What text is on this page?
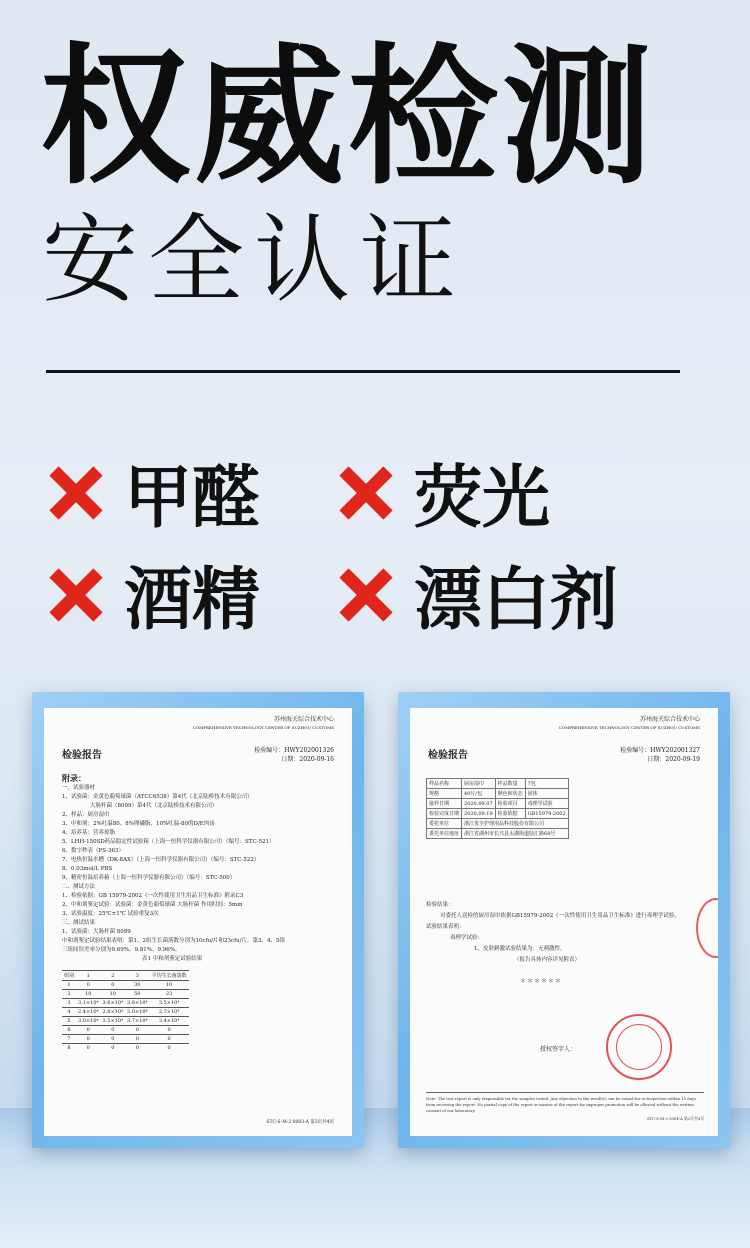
权威检测
安全认证
甲醛 荧光
酒精 漂白剂
苏州海关综合技术中心
COMPREHENSIVE TECHNOLOGY CENTER OF SUZHOU CUSTOMS
检验报告	检验编号：HWY202001326
日期：2020-09-16
附录：
一、试验器材
1、试验菌：金黄色葡萄球菌（ATCC6538）第4代（北京陆桥技术有限公司）
大肠杆菌（8099）第4代（北京陆桥技术有限公司）
2、样品：厨房湿巾
3、中和剂：2%吐温80、8%卵磷脂、10%吐温-80的D/E肉汤
4、培养基：营养琼脂
5、LHH-150SD药品稳定性试验箱（上海一恒科学仪器有限公司）（编号：STC-521）
6、数字秒表（PS-363）
7、电热恒温水槽（DK-8AX）（上海一恒科学仪器有限公司）（编号：STC-522）
8、0.03mol/L PBS
9、精密恒温培养箱（上海一恒科学仪器有限公司）（编号：STC-500）
二、测试方法
1、检验依据：GB 15979-2002《一次性使用卫生用品卫生标准》附录C3
2、中和剂鉴定试验：试验菌：金黄色葡萄球菌 大肠杆菌 作用时间：5min
3、试验温度：25℃±1℃ 试验重复3次
三、测试结果
1、试验菌：大肠杆菌 8099
中和剂鉴定试验结果表明：第1、2组生长菌落数分别为10cfu/片和23cfu/片，第3、4、5组
三组间误差率分别为9.69%、9.81%、9.96%。
表1 中和剂鉴定试验结果
组别	1	2	3	平均生长菌落数
1	0	0	30	10
2	10	10	50	23
3	3.1×10⁴	3.6×10⁴	3.8×10⁴	3.5×10⁴
4	2.4×10⁴	2.8×10⁴	3.0×10⁴	2.7×10⁴
5	3.0×10⁴	3.5×10⁴	3.7×10⁴	3.4×10⁴
6	0	0	0	0
7	0	0	0	0
8	0	0	0	0
STC-S-M-2 0003-A 第3页共4页
苏州海关综合技术中心
COMPREHENSIVE TECHNOLOGY CENTER OF SUZHOU CUSTOMS
检验报告	检验编号：HWY202001327
日期：2020-09-19
样品名称	厨房湿巾	样品数量	7包
规格	40片/包	颜色和状态	固体
接样日期	2020.09.07	检验项目	毒理学试验
检验完成日期	2020.09.19	检验依据	GB15979-2002
委托单位	浙江优全护理用品科技股份有限公司		
委托单位地址	浙江省湖州市长兴县太湖街道陆汇路68号		
检验结果：
对委托人送检的厨房湿巾依据GB15979-2002《一次性使用卫生用品卫生标准》进行毒理学试验。
试验结果表明：
毒理学试验：
1、皮肤刺激试验结果为：无刺激性。
（报告具体内容详见附表）
＊＊＊＊＊＊
授权签字人：
Note: The test report is only responsible for the samples tested. Any objection to the result(s) can be raised for re-inspection within 15 days from receiving the report. No partial copy of the report or misuse of the report for improper promotion will be allowed without the written consent of our laboratory.
STC-S-M-2 0004-A 第2页共4页
